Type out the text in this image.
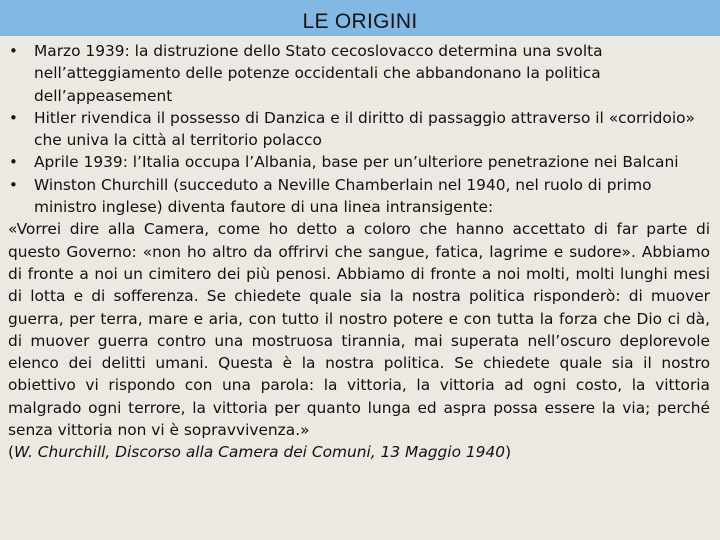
LE ORIGINI
• Marzo 1939: la distruzione dello Stato cecoslovacco determina una svolta nell’atteggiamento delle potenze occidentali che abbandonano la politica dell’appeasement
• Hitler rivendica il possesso di Danzica e il diritto di passaggio attraverso il «corridoio» che univa la città al territorio polacco
• Aprile 1939: l’Italia occupa l’Albania, base per un’ulteriore penetrazione nei Balcani
• Winston Churchill (succeduto a Neville Chamberlain nel 1940, nel ruolo di primo ministro inglese) diventa fautore di una linea intransigente:

«Vorrei dire alla Camera, come ho detto a coloro che hanno accettato di far parte di questo Governo: «non ho altro da offrirvi che sangue, fatica, lagrime e sudore». Abbiamo di fronte a noi un cimitero dei più penosi. Abbiamo di fronte a noi molti, molti lunghi mesi di lotta e di sofferenza. Se chiedete quale sia la nostra politica risponderò: di muover guerra, per terra, mare e aria, con tutto il nostro potere e con tutta la forza che Dio ci dà, di muover guerra contro una mostruosa tirannia, mai superata nell’oscuro deplorevole elenco dei delitti umani. Questa è la nostra politica. Se chiedete quale sia il nostro obiettivo vi rispondo con una parola: la vittoria, la vittoria ad ogni costo, la vittoria malgrado ogni terrore, la vittoria per quanto lunga ed aspra possa essere la via; perché senza vittoria non vi è sopravvivenza.»

(W. Churchill, Discorso alla Camera dei Comuni, 13 Maggio 1940)
